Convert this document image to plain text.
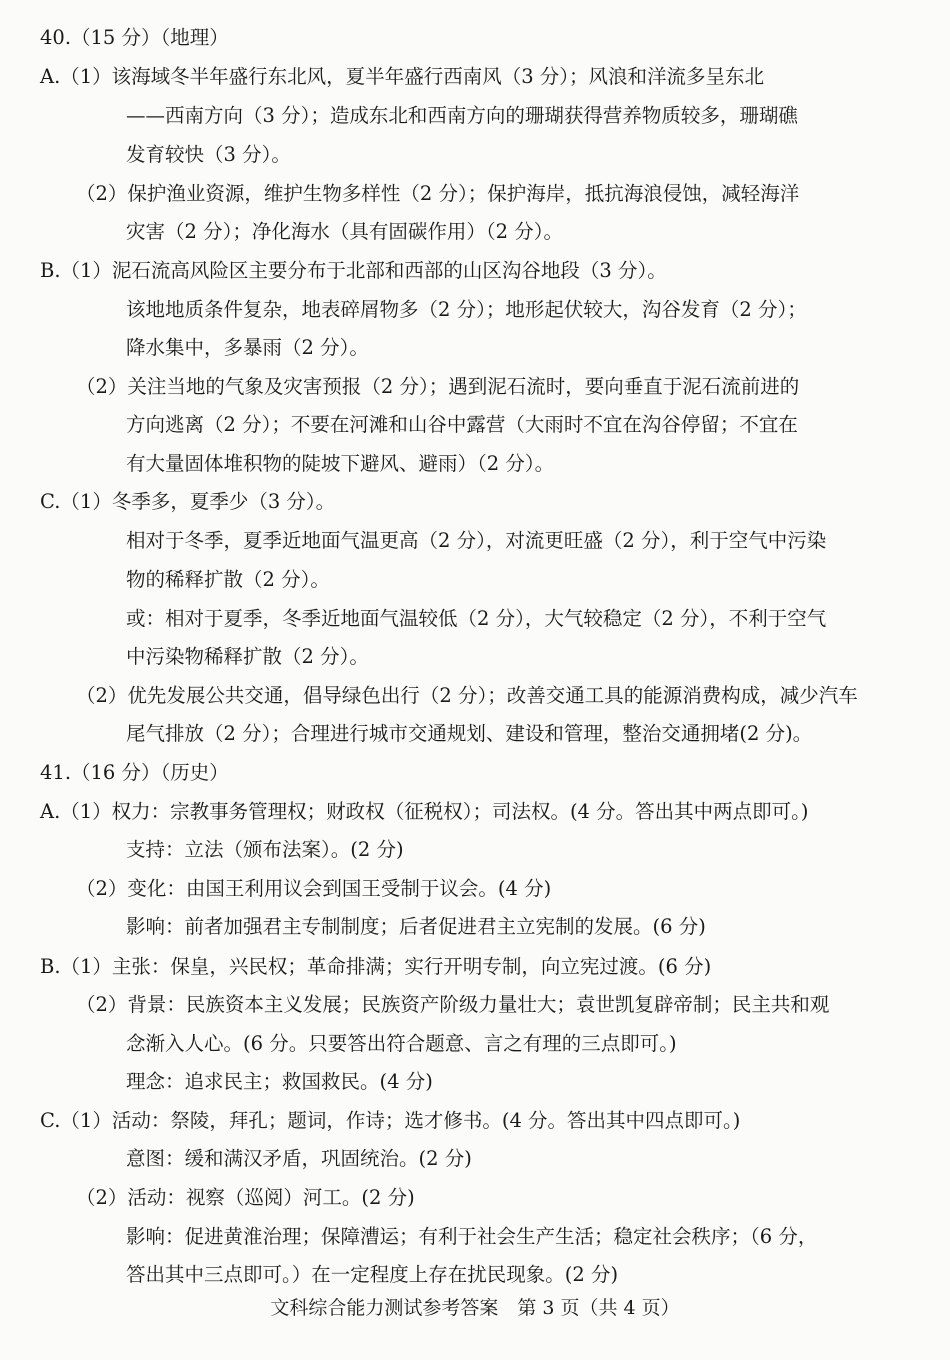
40.（15 分）（地理）
A.（1）该海域冬半年盛行东北风，夏半年盛行西南风（3 分）；风浪和洋流多呈东北
——西南方向（3 分）；造成东北和西南方向的珊瑚获得营养物质较多，珊瑚礁
发育较快（3 分）。
（2）保护渔业资源，维护生物多样性（2 分）；保护海岸，抵抗海浪侵蚀，减轻海洋
灾害（2 分）；净化海水（具有固碳作用）（2 分）。
B.（1）泥石流高风险区主要分布于北部和西部的山区沟谷地段（3 分）。
该地地质条件复杂，地表碎屑物多（2 分）；地形起伏较大，沟谷发育（2 分）；
降水集中，多暴雨（2 分）。
（2）关注当地的气象及灾害预报（2 分）；遇到泥石流时，要向垂直于泥石流前进的
方向逃离（2 分）；不要在河滩和山谷中露营（大雨时不宜在沟谷停留；不宜在
有大量固体堆积物的陡坡下避风、避雨）（2 分）。
C.（1）冬季多，夏季少（3 分）。
相对于冬季，夏季近地面气温更高（2 分），对流更旺盛（2 分），利于空气中污染
物的稀释扩散（2 分）。
或：相对于夏季，冬季近地面气温较低（2 分），大气较稳定（2 分），不利于空气
中污染物稀释扩散（2 分）。
（2）优先发展公共交通，倡导绿色出行（2 分）；改善交通工具的能源消费构成，减少汽车
尾气排放（2 分）；合理进行城市交通规划、建设和管理，整治交通拥堵(2 分)。
41.（16 分）（历史）
A.（1）权力：宗教事务管理权；财政权（征税权）；司法权。(4 分。答出其中两点即可。)
支持：立法（颁布法案）。(2 分)
（2）变化：由国王利用议会到国王受制于议会。(4 分)
影响：前者加强君主专制制度；后者促进君主立宪制的发展。(6 分)
B.（1）主张：保皇，兴民权；革命排满；实行开明专制，向立宪过渡。(6 分)
（2）背景：民族资本主义发展；民族资产阶级力量壮大；袁世凯复辟帝制；民主共和观
念渐入人心。(6 分。只要答出符合题意、言之有理的三点即可。)
理念：追求民主；救国救民。(4 分)
C.（1）活动：祭陵，拜孔；题词，作诗；选才修书。(4 分。答出其中四点即可。)
意图：缓和满汉矛盾，巩固统治。(2 分)
（2）活动：视察（巡阅）河工。(2 分)
影响：促进黄淮治理；保障漕运；有利于社会生产生活；稳定社会秩序；（6 分，
答出其中三点即可。）在一定程度上存在扰民现象。(2 分)
文科综合能力测试参考答案　第 3 页（共 4 页）
